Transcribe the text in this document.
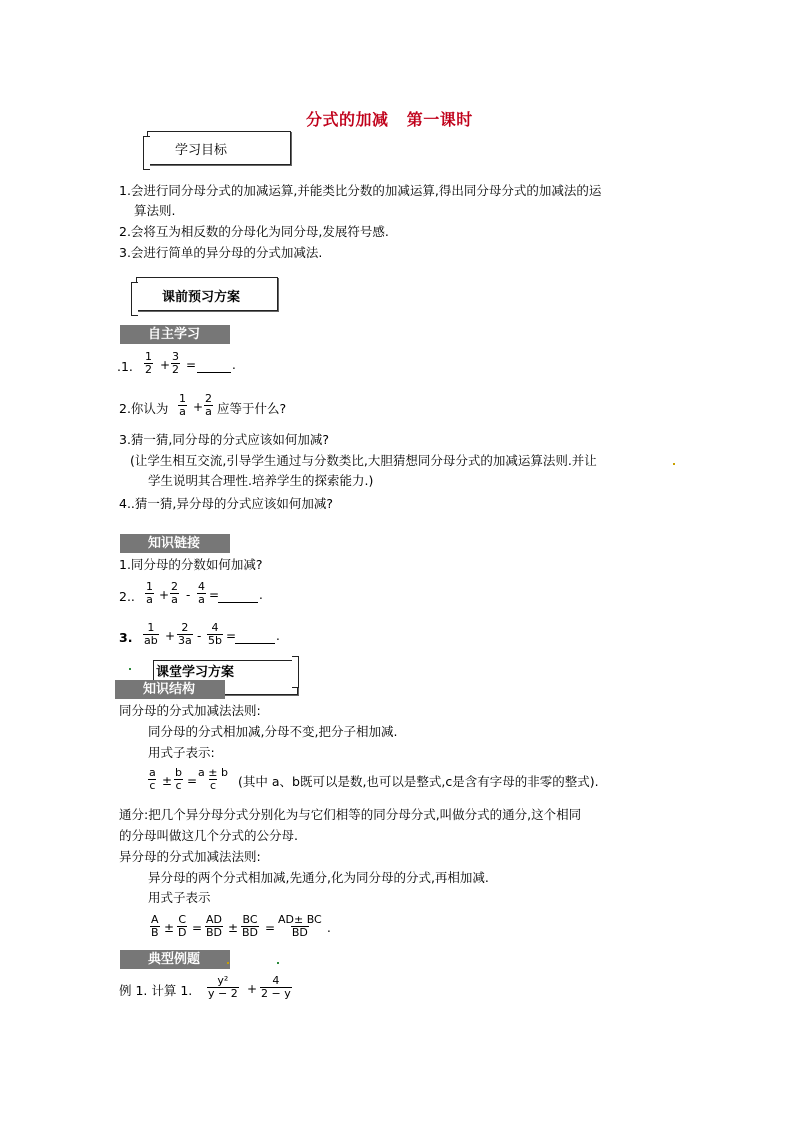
分式的加减   第一课时
学习目标
1.会进行同分母分式的加减运算,并能类比分数的加减运算,得出同分母分式的加减法的运
算法则.
2.会将互为相反数的分母化为同分母,发展符号感.
3.会进行简单的异分母的分式加减法.
课前预习方案
自主学习
.1. $\frac{1}{2} + \frac{3}{2}$ =	.
2.你认为 $\frac{1}{a} + \frac{2}{a}$ 应等于什么?
3.猜一猜,同分母的分式应该如何加减?
(让学生相互交流,引导学生通过与分数类比,大胆猜想同分母分式的加减运算法则.并让
学生说明其合理性.培养学生的探索能力.)
4..猜一猜,异分母的分式应该如何加减?
知识链接
1.同分母的分数如何加减?
2.. $\frac{1}{a} + \frac{2}{a} - \frac{4}{a}$ =	.
3. $\frac{1}{ab} + \frac{2}{3a} - \frac{4}{5b}$ =	.
课堂学习方案
知识结构
同分母的分式加减法法则:
同分母的分式相加减,分母不变,把分子相加减.
用式子表示:
$\frac{a}{c} \pm \frac{b}{c} = \frac{a \pm b}{c}$ (其中 a、b既可以是数,也可以是整式,c是含有字母的非零的整式).
通分:把几个异分母分式分别化为与它们相等的同分母分式,叫做分式的通分,这个相同
的分母叫做这几个分式的公分母.
异分母的分式加减法法则:
异分母的两个分式相加减,先通分,化为同分母的分式,再相加减.
用式子表示
$\frac{A}{B} \pm \frac{C}{D} = \frac{AD}{BD} \pm \frac{BC}{BD} = \frac{AD\pm BC}{BD}$ .
典型例题
例 1. 计算 1. $\frac{\text{y²}}{y - 2} + \frac{4}{2 - y}$
